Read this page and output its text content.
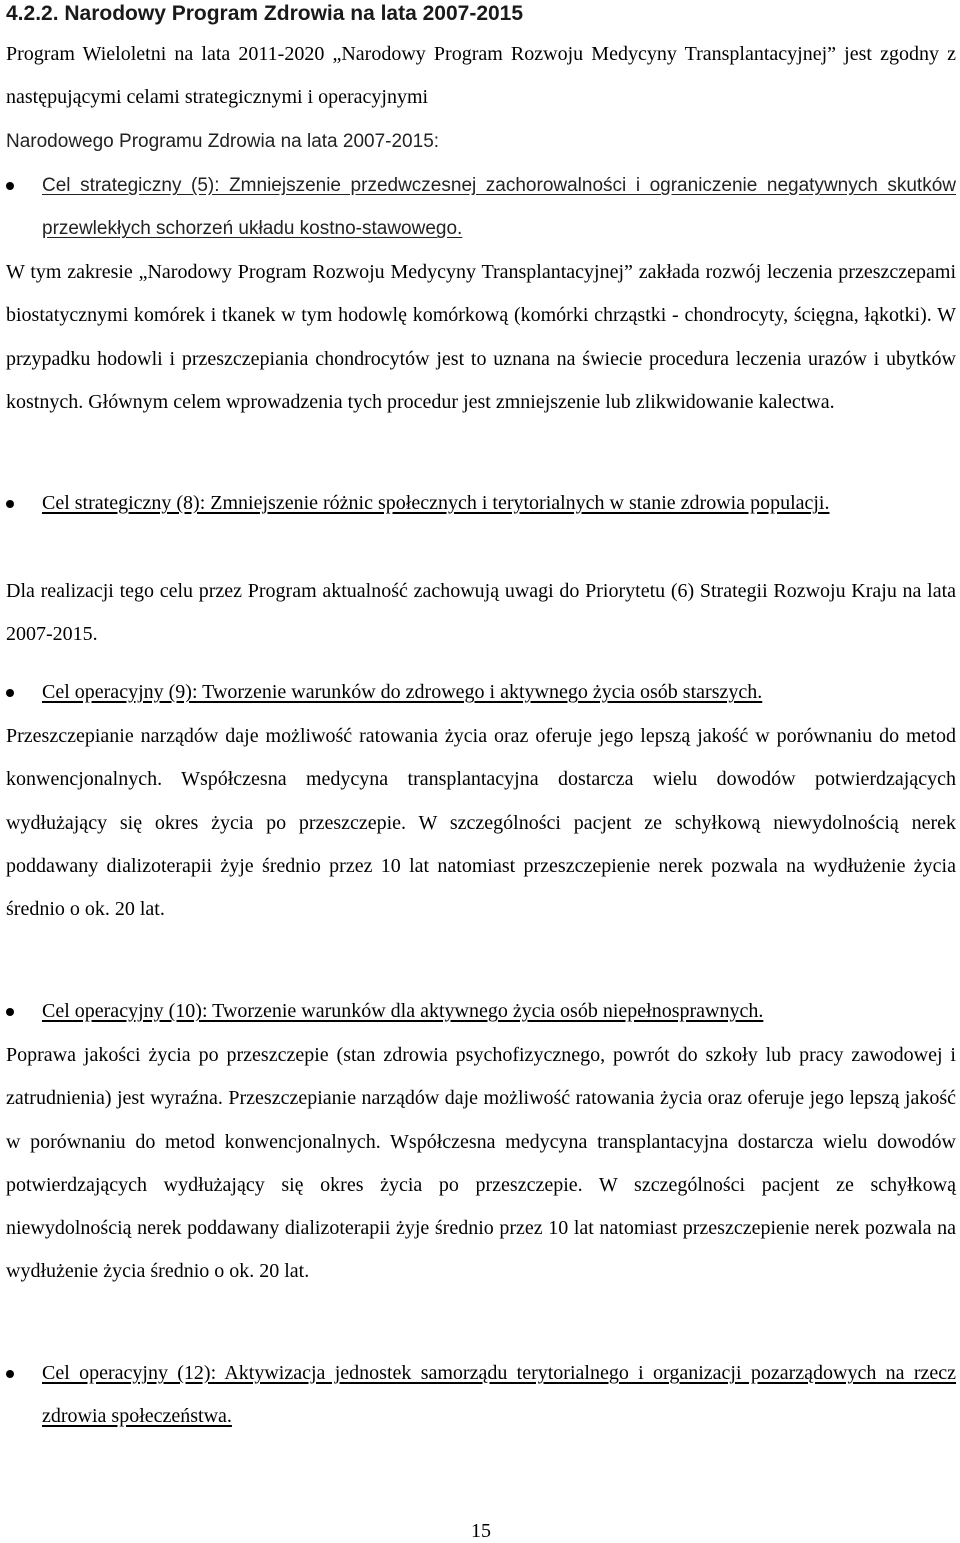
4.2.2. Narodowy Program Zdrowia na lata 2007-2015

Program Wieloletni na lata 2011-2020 „Narodowy Program Rozwoju Medycyny Transplantacyjnej” jest zgodny z następującymi celami strategicznymi i operacyjnymi

Narodowego Programu Zdrowia na lata 2007-2015:

Cel strategiczny (5): Zmniejszenie przedwczesnej zachorowalności i ograniczenie negatywnych skutków przewlekłych schorzeń układu kostno-stawowego.

W tym zakresie „Narodowy Program Rozwoju Medycyny Transplantacyjnej” zakłada rozwój leczenia przeszczepami biostatycznymi komórek i tkanek w tym hodowlę komórkową (komórki chrząstki - chondrocyty, ścięgna, łąkotki). W przypadku hodowli i przeszczepiania chondrocytów jest to uznana na świecie procedura leczenia urazów i ubytków kostnych. Głównym celem wprowadzenia tych procedur jest zmniejszenie lub zlikwidowanie kalectwa.

Cel strategiczny (8): Zmniejszenie różnic społecznych i terytorialnych w stanie zdrowia populacji.

Dla realizacji tego celu przez Program aktualność zachowują uwagi do Priorytetu (6) Strategii Rozwoju Kraju na lata 2007-2015.

Cel operacyjny (9): Tworzenie warunków do zdrowego i aktywnego życia osób starszych.

Przeszczepianie narządów daje możliwość ratowania życia oraz oferuje jego lepszą jakość w porównaniu do metod konwencjonalnych. Współczesna medycyna transplantacyjna dostarcza wielu dowodów potwierdzających wydłużający się okres życia po przeszczepie. W szczególności pacjent ze schyłkową niewydolnością nerek poddawany dializoterapii żyje średnio przez 10 lat natomiast przeszczepienie nerek pozwala na wydłużenie życia średnio o ok. 20 lat.

Cel operacyjny (10): Tworzenie warunków dla aktywnego życia osób niepełnosprawnych.

Poprawa jakości życia po przeszczepie (stan zdrowia psychofizycznego, powrót do szkoły lub pracy zawodowej i zatrudnienia) jest wyraźna. Przeszczepianie narządów daje możliwość ratowania życia oraz oferuje jego lepszą jakość w porównaniu do metod konwencjonalnych. Współczesna medycyna transplantacyjna dostarcza wielu dowodów potwierdzających wydłużający się okres życia po przeszczepie. W szczególności pacjent ze schyłkową niewydolnością nerek poddawany dializoterapii żyje średnio przez 10 lat natomiast przeszczepienie nerek pozwala na wydłużenie życia średnio o ok. 20 lat.

Cel operacyjny (12): Aktywizacja jednostek samorządu terytorialnego i organizacji pozarządowych na rzecz zdrowia społeczeństwa.

15
